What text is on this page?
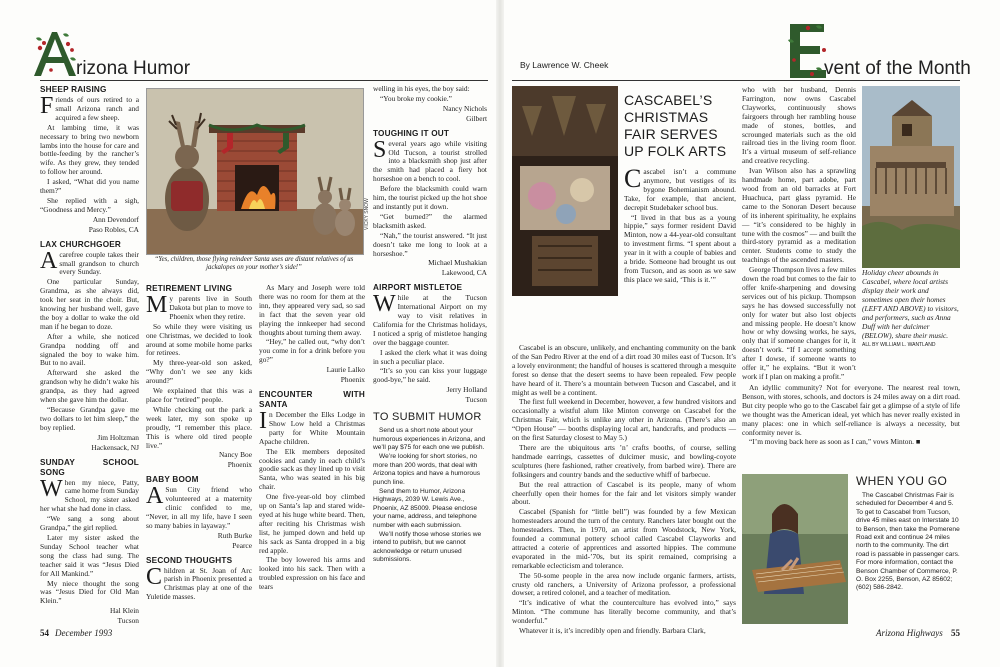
rizona Humor
SHEEP RAISING

Friends of ours retired to a small Arizona ranch and acquired a few sheep.

At lambing time, it was necessary to bring two newborn lambs into the house for care and bottle-feeding by the rancher’s wife. As they grew, they tended to follow her around.

I asked, “What did you name them?”

She replied with a sigh, “Goodness and Mercy.”

Ann Devendorf

Paso Robles, CA

LAX CHURCHGOER

Acarefree couple takes their small grandson to church every Sunday.

One particular Sunday, Grandma, as she always did, took her seat in the choir. But, knowing her husband well, gave the boy a dollar to wake the old man if he began to doze.

After a while, she noticed Grandpa nodding off and signaled the boy to wake him. But to no avail.

Afterward she asked the grandson why he didn’t wake his grandpa, as they had agreed when she gave him the dollar.

“Because Grandpa gave me two dollars to let him sleep,” the boy replied.

Jim Holtzman

Hackensack, NJ

SUNDAY SCHOOL SONG

When my niece, Patty, came home from Sunday School, my sister asked her what she had done in class.

“We sang a song about Grandpa,” the girl replied.

Later my sister asked the Sunday School teacher what song the class had sung. The teacher said it was “Jesus Died for All Mankind.”

My niece thought the song was “Jesus Died for Old Man Klein.”

Hal Klein

Tucson

VICKY SNOW
“Yes, children, those flying reindeer Santa uses are distant relatives of us jackalopes on your mother’s side!”
RETIREMENT LIVING

My parents live in South Dakota but plan to move to Phoenix when they retire.

So while they were visiting us one Christmas, we decided to look around at some mobile home parks for retirees.

My three-year-old son asked, “Why don’t we see any kids around?”

We explained that this was a place for “retired” people.

While checking out the park a week later, my son spoke up proudly, “I remember this place. This is where old tired people live.”

Nancy Boe

Phoenix

BABY BOOM

A Sun City friend who volunteered at a maternity clinic confided to me, “Never, in all my life, have I seen so many babies in layaway.”

Ruth Burke

Pearce

SECOND THOUGHTS

Children at St. Joan of Arc parish in Phoenix presented a Christmas play at one of the Yuletide masses.

As Mary and Joseph were told there was no room for them at the inn, they appeared very sad, so sad in fact that the seven year old playing the innkeeper had second thoughts about turning them away.

“Hey,” he called out, “why don’t you come in for a drink before you go?”

Laurie Lalko

Phoenix

ENCOUNTER WITH SANTA

In December the Elks Lodge in Show Low held a Christmas party for White Mountain Apache children.

The Elk members deposited cookies and candy in each child’s goodie sack as they lined up to visit Santa, who was seated in his big chair.

One five-year-old boy climbed up on Santa’s lap and stared wide-eyed at his huge white beard. Then, after reciting his Christmas wish list, he jumped down and held up his sack as Santa dropped in a big red apple.

The boy lowered his arms and looked into his sack. Then with a troubled expression on his face and tears

welling in his eyes, the boy said:

“You broke my cookie.”

Nancy Nichols

Gilbert

TOUGHING IT OUT

Several years ago while visiting Old Tucson, a tourist strolled into a blacksmith shop just after the smith had placed a fiery hot horseshoe on a bench to cool.

Before the blacksmith could warn him, the tourist picked up the hot shoe and instantly put it down.

“Get burned?” the alarmed blacksmith asked.

“Nah,” the tourist answered. “It just doesn’t take me long to look at a horseshoe.”

Michael Mushakian

Lakewood, CA

AIRPORT MISTLETOE

While at the Tucson International Airport on my way to visit relatives in California for the Christmas holidays, I noticed a sprig of mistletoe hanging over the baggage counter.

I asked the clerk what it was doing in such a peculiar place.

“It’s so you can kiss your luggage good-bye,” he said.

Jerry Holland

Tucson

TO SUBMIT HUMOR

Send us a short note about your humorous experiences in Arizona, and we’ll pay $75 for each one we publish.

We’re looking for short stories, no more than 200 words, that deal with Arizona topics and have a humorous punch line.

Send them to Humor, Arizona Highways, 2039 W. Lewis Ave., Phoenix, AZ 85009. Please enclose your name, address, and telephone number with each submission.

We’ll notify those whose stories we intend to publish, but we cannot acknowledge or return unused submissions.

54 December 1993
By Lawrence W. Cheek	vent of the Month
CASCABEL’S CHRISTMAS FAIR SERVES UP FOLK ARTS

Cascabel isn’t a commune anymore, but vestiges of its bygone Bohemianism abound. Take, for example, that ancient, decrepit Studebaker school bus.

“I lived in that bus as a young hippie,” says former resident David Minton, now a 44-year-old consultant to investment firms. “I spent about a year in it with a couple of babies and a bride. Someone had brought us out from Tucson, and as soon as we saw this place we said, ‘This is it.’”

Cascabel is an obscure, unlikely, and enchanting community on the bank of the San Pedro River at the end of a dirt road 30 miles east of Tucson. It’s a lovely environment; the handful of houses is scattered through a mesquite forest so dense that the desert seems to have been repealed. Few people have heard of it. There’s a mountain between Tucson and Cascabel, and it might as well be a continent.

The first full weekend in December, however, a few hundred visitors and occasionally a wistful alum like Minton converge on Cascabel for the Christmas Fair, which is unlike any other in Arizona. (There’s also an “Open House” — booths displaying local art, handcrafts, and products — on the first Saturday closest to May 5.)

There are the ubiquitous arts ’n’ crafts booths, of course, selling handmade earrings, cassettes of dulcimer music, and bowling-coyote sculptures (here fashioned, rather creatively, from barbed wire). There are folksingers and country bands and the seductive whiff of barbecue.

But the real attraction of Cascabel is its people, many of whom cheerfully open their homes for the fair and let visitors simply wander about.

Cascabel (Spanish for “little bell”) was founded by a few Mexican homesteaders around the turn of the century. Ranchers later bought out the homesteaders. Then, in 1970, an artist from Woodstock, New York, founded a communal pottery school called Cascabel Clayworks and attracted a coterie of apprentices and assorted hippies. The commune evaporated in the mid-’70s, but its spirit remained, comprising a remarkable eclecticism and tolerance.

The 50-some people in the area now include organic farmers, artists, crusty old ranchers, a University of Arizona professor, a professional dowser, a retired colonel, and a teacher of meditation.

“It’s indicative of what the counterculture has evolved into,” says Minton. “The commune has literally become community, and that’s wonderful.”

Whatever it is, it’s incredibly open and friendly. Barbara Clark,

who with her husband, Dennis Farrington, now owns Cascabel Clayworks, continuously shows fairgoers through her rambling house made of stones, bottles, and scrounged materials such as the old railroad ties in the living room floor. It’s a virtual museum of self-reliance and creative recycling.

Ivan Wilson also has a sprawling handmade home, part adobe, part wood from an old barracks at Fort Huachuca, part glass pyramid. He came to the Sonoran Desert because of its inherent spirituality, he explains — “it’s considered to be highly in tune with the cosmos” — and built the third-story pyramid as a meditation center. Students come to study the teachings of the ascended masters.

George Thompson lives a few miles down the road but comes to the fair to offer knife-sharpening and dowsing services out of his pickup. Thompson says he has dowsed successfully not only for water but also lost objects and missing people. He doesn’t know how or why dowsing works, he says, only that if someone changes for it, it doesn’t work. “If I accept something after I dowse, if someone wants to offer it,” he explains. “But it won’t work if I plan on making a profit.”

An idyllic community? Not for everyone. The nearest real town, Benson, with stores, schools, and doctors is 24 miles away on a dirt road. But city people who go to the Cascabel fair get a glimpse of a style of life we thought was the American ideal, yet which has never really existed in many places: one in which self-reliance is always a necessity, but conformity never is.

“I’m moving back here as soon as I can,” vows Minton. ■

Holiday cheer abounds in Cascabel, where local artists display their work and sometimes open their homes (LEFT AND ABOVE) to visitors, and performers, such as Anna Duff with her dulcimer (BELOW), share their music.
ALL BY WILLIAM L. WANTLAND
WHEN YOU GO
The Cascabel Christmas Fair is scheduled for December 4 and 5. To get to Cascabel from Tucson, drive 45 miles east on Interstate 10 to Benson, then take the Pomerene Road exit and continue 24 miles north to the community. The dirt road is passable in passenger cars. For more information, contact the Benson Chamber of Commerce, P. O. Box 2255, Benson, AZ 85602; (602) 586-2842.
Arizona Highways 55
